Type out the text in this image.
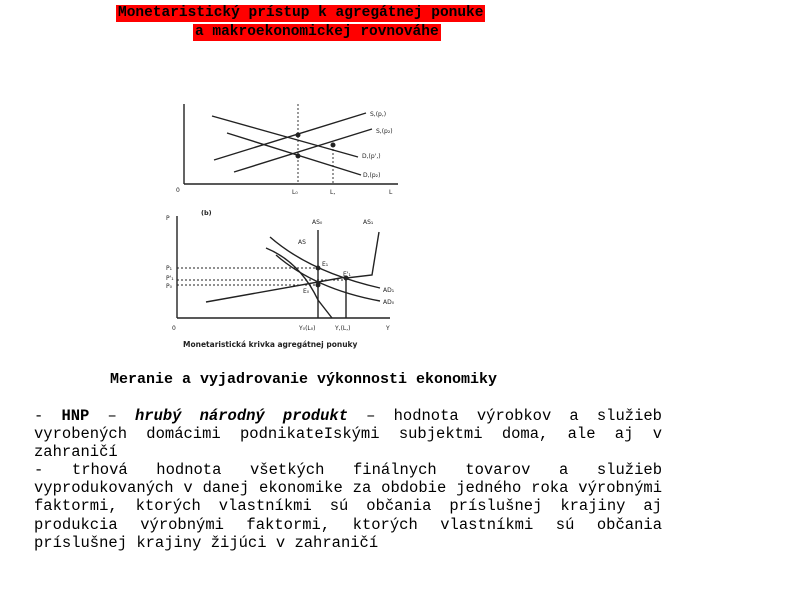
Monetaristický prístup k agregátnej ponuke
a makroekonomickej rovnováhe
S,(p,)
S,(p₂)
D,(p',)
D,(p₂)
0	L₀	L,	L
(b)
P
P₁
P'₁
P₀
AS
AS₀	AS₁
AD₁
AD₀
E₁
E'₁
E₀
0	Y₀(L₀)	Y,(L,)	Y
Monetaristická krivka agregátnej ponuky
Meranie a vyjadrovanie výkonnosti ekonomiky
- HNP – hrubý národný produkt – hodnota výrobkov a služieb vyrobených domácimi podnikateIskými subjektmi doma, ale aj v zahraničí
- trhová hodnota všetkých finálnych tovarov a služieb vyprodukovaných v danej ekonomike za obdobie jedného roka výrobnými faktormi, ktorých vlastníkmi sú občania príslušnej krajiny aj produkcia výrobnými faktormi, ktorých vlastníkmi sú občania príslušnej krajiny žijúci v zahraničí
